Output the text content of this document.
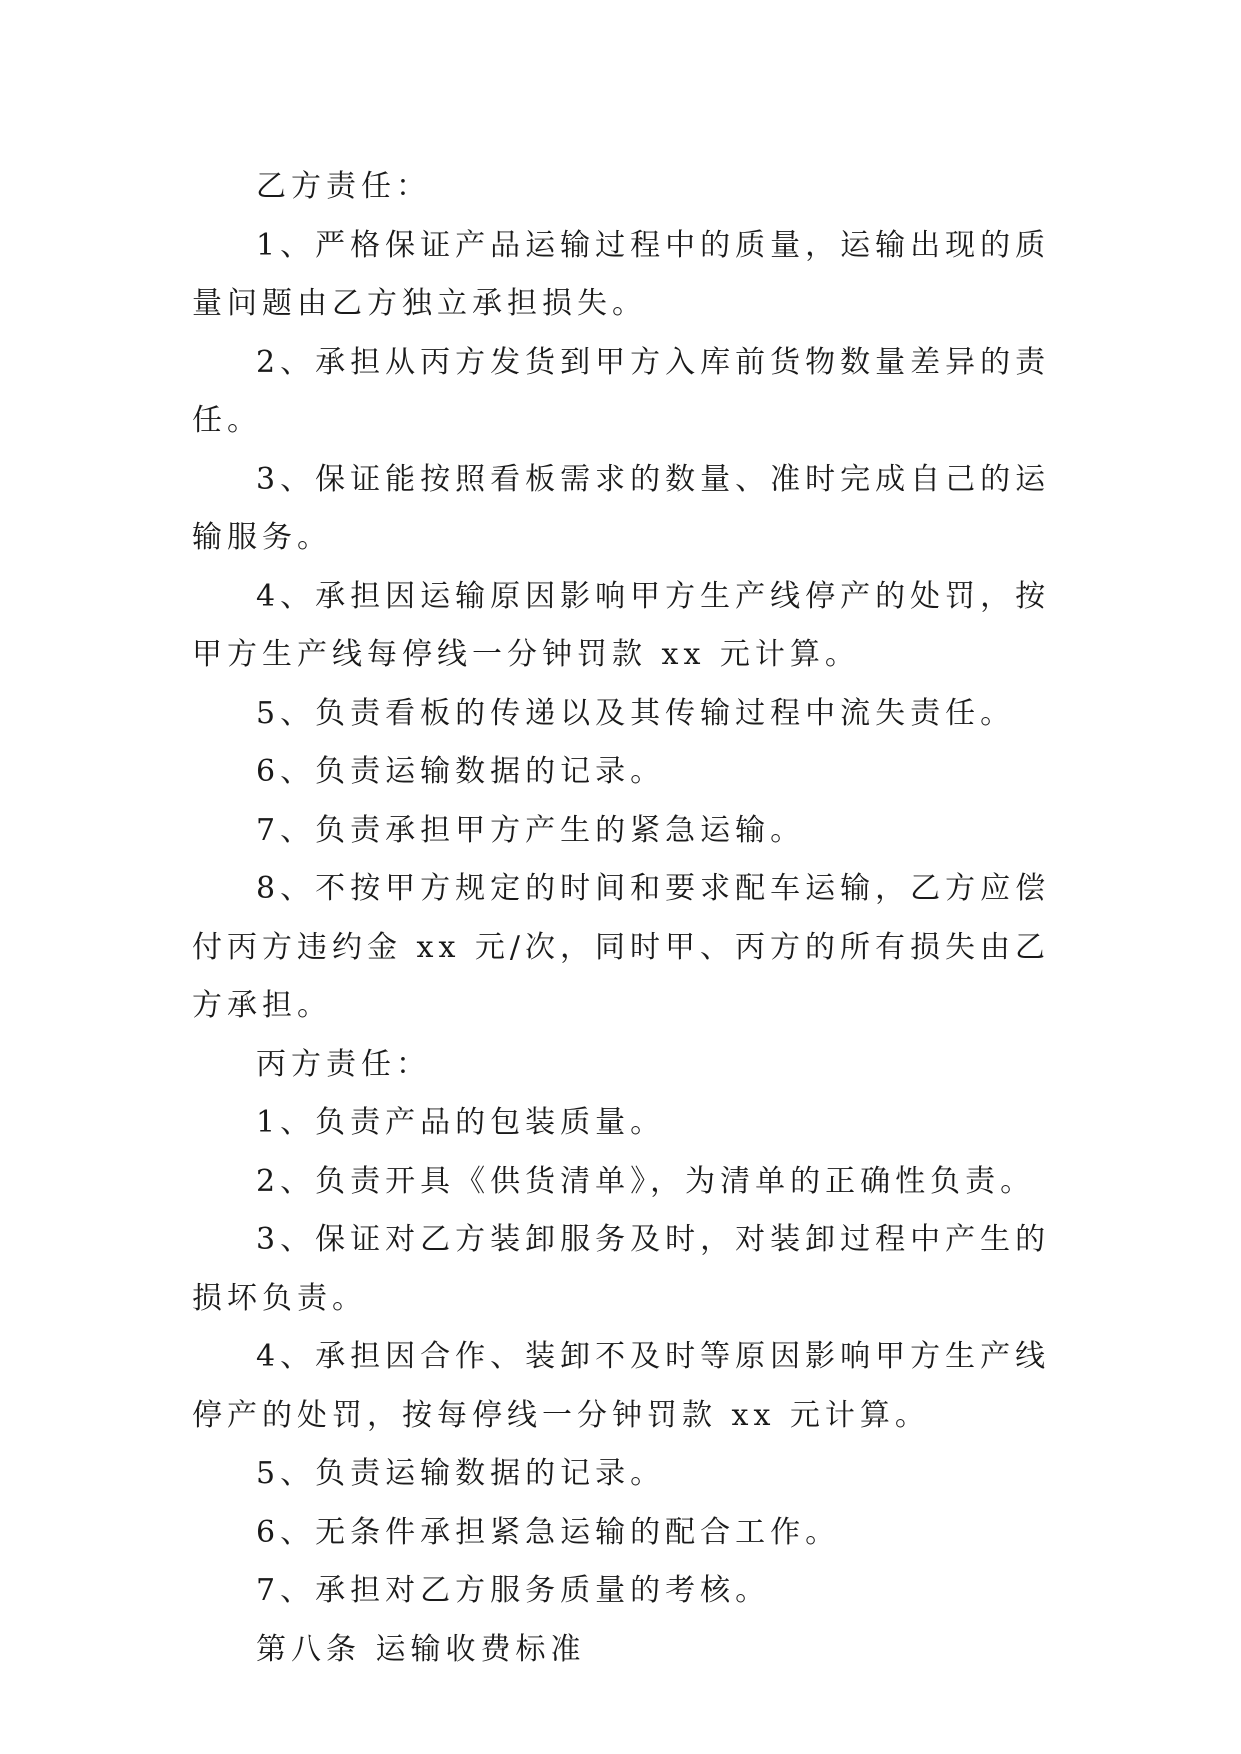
乙方责任：

1、严格保证产品运输过程中的质量，运输出现的质量问题由乙方独立承担损失。

2、承担从丙方发货到甲方入库前货物数量差异的责任。

3、保证能按照看板需求的数量、准时完成自己的运输服务。

4、承担因运输原因影响甲方生产线停产的处罚，按甲方生产线每停线一分钟罚款 xx 元计算。

5、负责看板的传递以及其传输过程中流失责任。

6、负责运输数据的记录。

7、负责承担甲方产生的紧急运输。

8、不按甲方规定的时间和要求配车运输，乙方应偿付丙方违约金 xx 元/次，同时甲、丙方的所有损失由乙方承担。

丙方责任：

1、负责产品的包装质量。

2、负责开具《供货清单》，为清单的正确性负责。

3、保证对乙方装卸服务及时，对装卸过程中产生的损坏负责。

4、承担因合作、装卸不及时等原因影响甲方生产线停产的处罚，按每停线一分钟罚款 xx 元计算。

5、负责运输数据的记录。

6、无条件承担紧急运输的配合工作。

7、承担对乙方服务质量的考核。

第八条 运输收费标准
